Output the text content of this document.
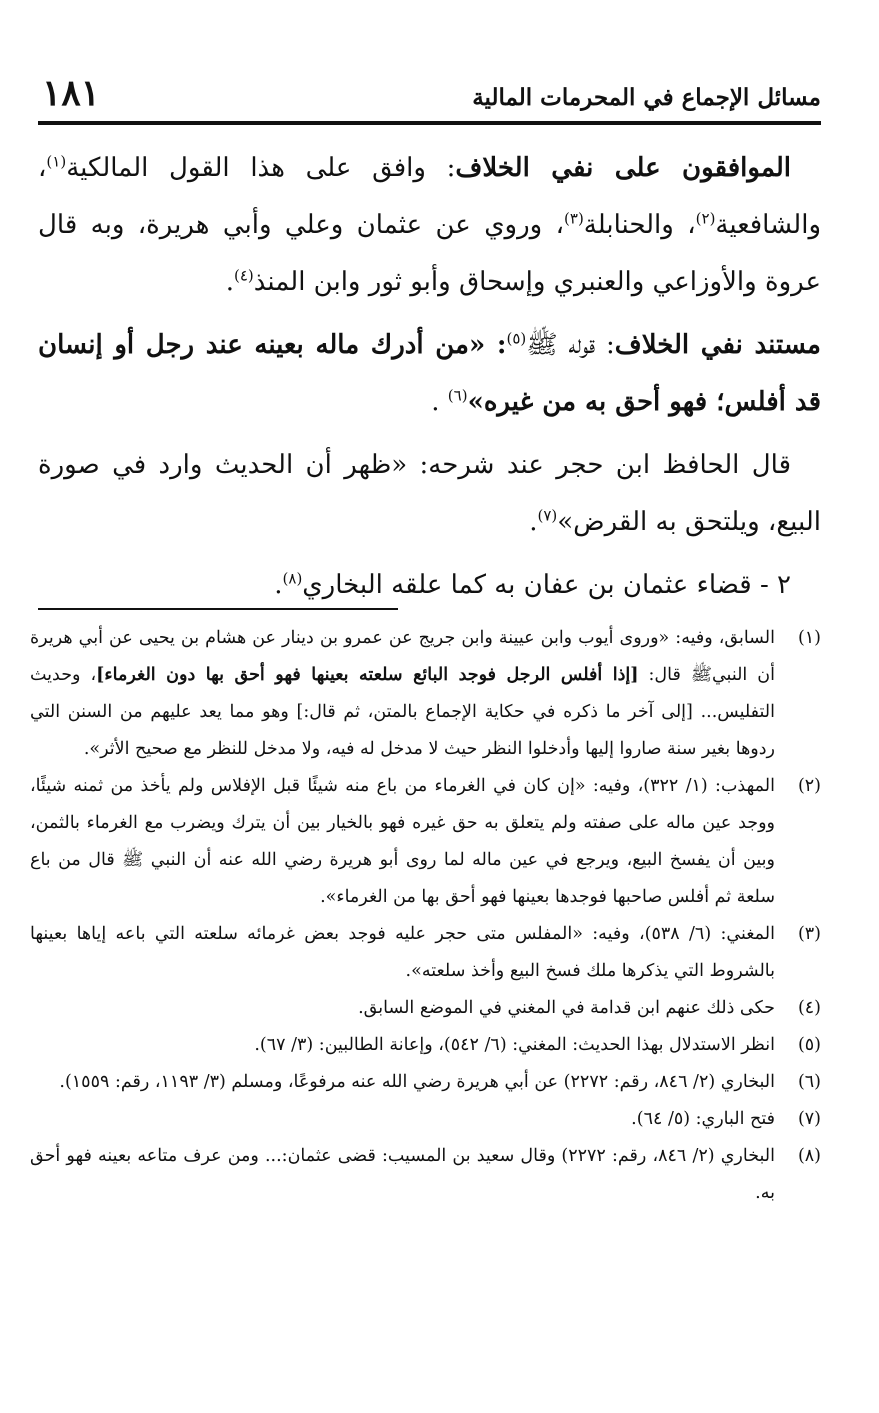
١٨١	مسائل الإجماع في المحرمات المالية

الموافقون على نفي الخلاف: وافق على هذا القول المالكية$^{(١)}$، والشافعية$^{(٢)}$، والحنابلة$^{(٣)}$، وروي عن عثمان وعلي وأبي هريرة، وبه قال عروة والأوزاعي والعنبري وإسحاق وأبو ثور وابن المنذ$^{(٤)}$.

مستند نفي الخلاف: قوله ﷺ$^{(٥)}$: «من أدرك ماله بعينه عند رجل أو إنسان قد أفلس؛ فهو أحق به من غيره»$^{(٦)}$ .

قال الحافظ ابن حجر عند شرحه: «ظهر أن الحديث وارد في صورة البيع، ويلتحق به القرض»$^{(٧)}$.

٢ - قضاء عثمان بن عفان به كما علقه البخاري$^{(٨)}$.

(١)
السابق، وفيه: «وروى أيوب وابن عيينة وابن جريج عن عمرو بن دينار عن هشام بن يحيى عن أبي هريرة أن النبيﷺ قال: [إذا أفلس الرجل فوجد البائع سلعته بعينها فهو أحق بها دون الغرماء]، وحديث التفليس... [إلى آخر ما ذكره في حكاية الإجماع بالمتن، ثم قال:] وهو مما يعد عليهم من السنن التي ردوها بغير سنة صاروا إليها وأدخلوا النظر حيث لا مدخل له فيه، ولا مدخل للنظر مع صحيح الأثر».
(٢)
المهذب: (١/ ٣٢٢)، وفيه: «إن كان في الغرماء من باع منه شيئًا قبل الإفلاس ولم يأخذ من ثمنه شيئًا، ووجد عين ماله على صفته ولم يتعلق به حق غيره فهو بالخيار بين أن يترك ويضرب مع الغرماء بالثمن، وبين أن يفسخ البيع، ويرجع في عين ماله لما روى أبو هريرة رضي الله عنه أن النبي ﷺ قال من باع سلعة ثم أفلس صاحبها فوجدها بعينها فهو أحق بها من الغرماء».
(٣)
المغني: (٦/ ٥٣٨)، وفيه: «المفلس متى حجر عليه فوجد بعض غرمائه سلعته التي باعه إياها بعينها بالشروط التي يذكرها ملك فسخ البيع وأخذ سلعته».
(٤)
حكى ذلك عنهم ابن قدامة في المغني في الموضع السابق.
(٥)
انظر الاستدلال بهذا الحديث: المغني: (٦/ ٥٤٢)، وإعانة الطالبين: (٣/ ٦٧).
(٦)
البخاري (٢/ ٨٤٦، رقم: ٢٢٧٢) عن أبي هريرة رضي الله عنه مرفوعًا، ومسلم (٣/ ١١٩٣، رقم: ١٥٥٩).
(٧)
فتح الباري: (٥/ ٦٤).
(٨)
البخاري (٢/ ٨٤٦، رقم: ٢٢٧٢) وقال سعيد بن المسيب: قضى عثمان:... ومن عرف متاعه بعينه فهو أحق به.
